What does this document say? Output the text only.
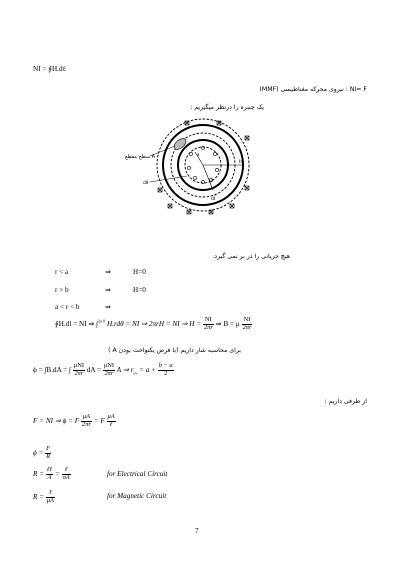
NI = ∮H.dℓ
NI= F : نیروی محرکه مغناطیسی (MMF)
یک چنبره را درنظر میگیریم :
سطح مقطع A	a
b
r
dθ
dl
هیچ جریانی را در بر نمی گیرد.
r < a	⇒	H=0
r > b	⇒	H=0
a < r < b	⇒
∮H.dl = NI ⇒ ∫$^{2\pi 0}$ H.rdθ = NI ⇒ 2πrH = NI ⇒ $H = \frac{NI}{2\pi r}$ ⇒ B = μ $\frac{NI}{2\pi r}$
برای محاسبه شار داریم (با فرض یکنواخت بودن A )
ϕ = ∫B.dA = ∫ $\frac{\text{μNI}}{2\pi r}$ dA = $\frac{\text{μNI}}{2\pi r}$ A ⇒ $r_{av} = a + \frac{b - a}{2}$
از طرفی داریم :
F = NI ⇒ ϕ = F $\frac{\mu A}{2\pi r} = F \frac{\mu A}{\text{ℓ}}$
$\phi = \frac{F}{R}$
$R = \frac{\text{ℓℓ}}{A} = \frac{\text{ℓ}}{\sigma A}$	for Electrical Circuit
$R = \frac{\text{ℓ}}{\mu A}$	for Magnetic Circuit
7
